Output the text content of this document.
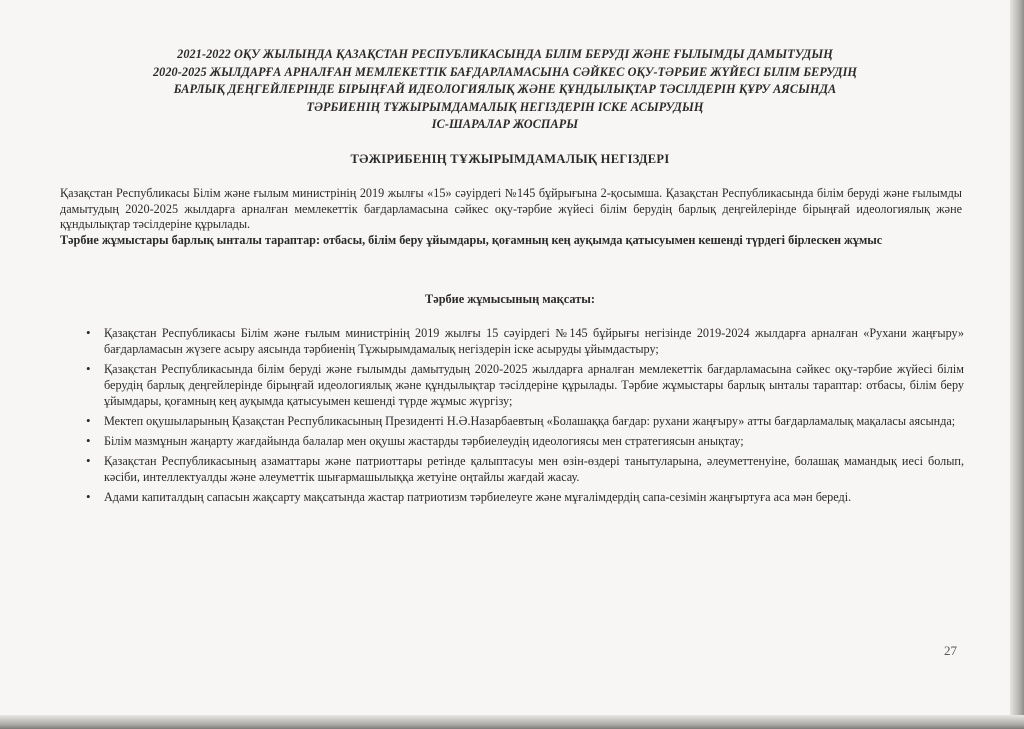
2021-2022 ОҚУ ЖЫЛЫНДА ҚАЗАҚСТАН РЕСПУБЛИКАСЫНДА БІЛІМ БЕРУДІ ЖӘНЕ ҒЫЛЫМДЫ ДАМЫТУДЫҢ
2020-2025 ЖЫЛДАРҒА АРНАЛҒАН МЕМЛЕКЕТТІК БАҒДАРЛАМАСЫНА СӘЙКЕС ОҚУ-ТӘРБИЕ ЖҮЙЕСІ БІЛІМ БЕРУДІҢ
БАРЛЫҚ ДЕҢГЕЙЛЕРІНДЕ БІРЫҢҒАЙ ИДЕОЛОГИЯЛЫҚ ЖӘНЕ ҚҰНДЫЛЫҚТАР ТӘСІЛДЕРІН ҚҰРУ АЯСЫНДА
ТӘРБИЕНІҢ ТҰЖЫРЫМДАМАЛЫҚ НЕГІЗДЕРІН ІСКЕ АСЫРУДЫҢ
ІС-ШАРАЛАР ЖОСПАРЫ
ТӘЖІРИБЕНІҢ ТҰЖЫРЫМДАМАЛЫҚ НЕГІЗДЕРІ
Қазақстан Республикасы Білім және ғылым министрінің 2019 жылғы «15» сәуірдегі №145 бұйрығына 2-қосымша. Қазақстан Республикасында білім беруді және ғылымды дамытудың 2020-2025 жылдарға арналған мемлекеттік бағдарламасына сәйкес оқу-тәрбие жүйесі білім берудің барлық деңгейлерінде бірыңғай идеологиялық және құндылықтар тәсілдеріне құрылады.
Тәрбие жұмыстары барлық ынталы тараптар: отбасы, білім беру ұйымдары, қоғамның кең ауқымда қатысуымен кешенді түрдегі бірлескен жұмыс
Тәрбие жұмысының мақсаты:
• Қазақстан Республикасы Білім және ғылым министрінің 2019 жылғы 15 сәуірдегі №145 бұйрығы негізінде 2019-2024 жылдарға арналған «Рухани жаңғыру» бағдарламасын жүзеге асыру аясында тәрбиенің Тұжырымдамалық негіздерін іске асыруды ұйымдастыру;
• Қазақстан Республикасында білім беруді және ғылымды дамытудың 2020-2025 жылдарға арналған мемлекеттік бағдарламасына сәйкес оқу-тәрбие жүйесі білім берудің барлық деңгейлерінде бірыңғай идеологиялық және құндылықтар тәсілдеріне құрылады. Тәрбие жұмыстары барлық ынталы тараптар: отбасы, білім беру ұйымдары, қоғамның кең ауқымда қатысуымен кешенді түрде жұмыс жүргізу;
• Мектеп оқушыларының Қазақстан Республикасының Президенті Н.Ә.Назарбаевтың «Болашаққа бағдар: рухани жаңғыру» атты бағдарламалық мақаласы аясында;
• Білім мазмұнын жаңарту жағдайында балалар мен оқушы жастарды тәрбиелеудің идеологиясы мен стратегиясын анықтау;
• Қазақстан Республикасының азаматтары және патриоттары ретінде қалыптасуы мен өзін-өздері танытуларына, әлеуметтенуіне, болашақ мамандық иесі болып, кәсіби, интеллектуалды және әлеуметтік шығармашылыққа жетуіне оңтайлы жағдай жасау.
• Адами капиталдың сапасын жақсарту мақсатында жастар патриотизм тәрбиелеуге және мұғалімдердің сапа-сезімін жаңғыртуға аса мән береді.
27
